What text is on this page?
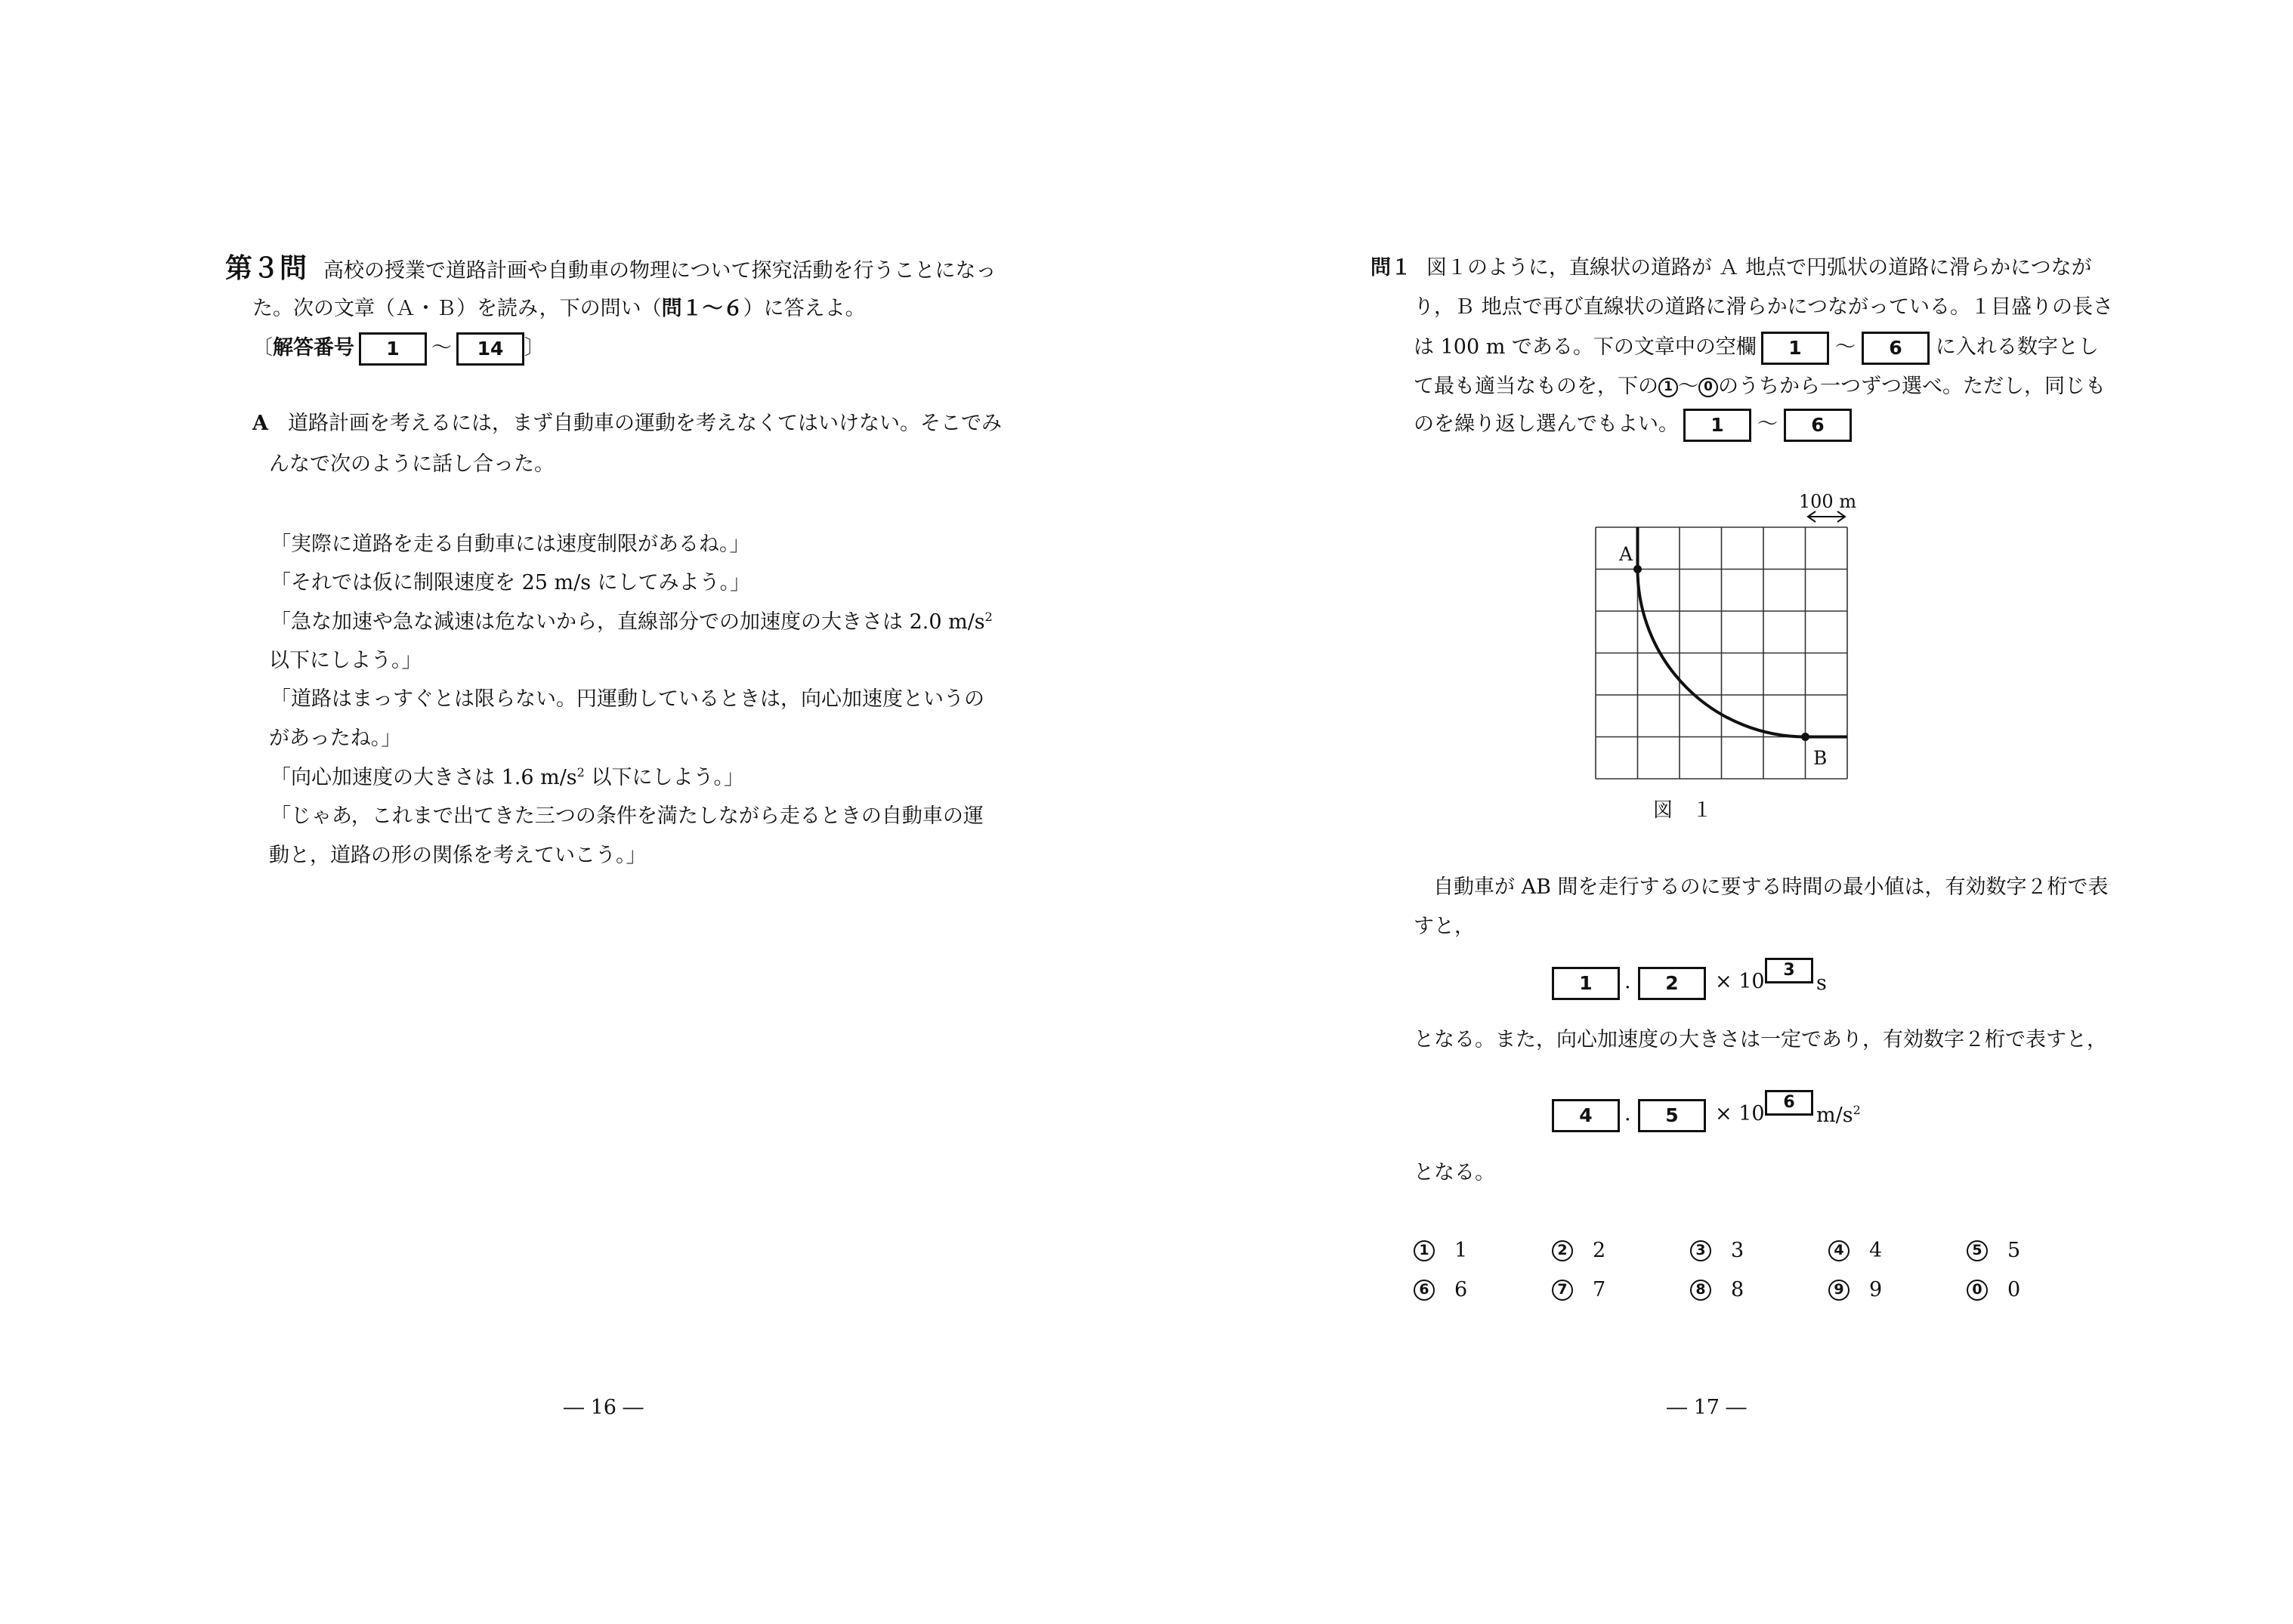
第３問 高校の授業で道路計画や自動車の物理について探究活動を行うことになっ
た。次の文章（Ａ・Ｂ）を読み，下の問い（問１～６）に答えよ。
〔解答番号 1 ～ 14 〕
A 道路計画を考えるには，まず自動車の運動を考えなくてはいけない。そこでみ
んなで次のように話し合った。
「実際に道路を走る自動車には速度制限があるね。」
「それでは仮に制限速度を 25 m/s にしてみよう。」
「急な加速や急な減速は危ないから，直線部分での加速度の大きさは 2.0 $m/s^2$
以下にしよう。」
「道路はまっすぐとは限らない。円運動しているときは，向心加速度というの
があったね。」
「向心加速度の大きさは 1.6 $m/s^2$ 以下にしよう。」
「じゃあ，これまで出てきた三つの条件を満たしながら走るときの自動車の運
動と，道路の形の関係を考えていこう。」
― 16 ―
問１ 図１のように，直線状の道路が Ａ 地点で円弧状の道路に滑らかにつなが
り，Ｂ 地点で再び直線状の道路に滑らかにつながっている。１目盛りの長さ
は 100 m である。下の文章中の空欄 1 ～ 6 に入れる数字とし
て最も適当なものを，下の 1 ～ 0 のうちから一つずつ選べ。ただし，同じも
のを繰り返し選んでもよい。 1 ～ 6
100 m
A
B
図　１
自動車が AB 間を走行するのに要する時間の最小値は，有効数字２桁で表
すと，
1	.	2	× 10	3
s
となる。また，向心加速度の大きさは一定であり，有効数字２桁で表すと，
4	.	5	× 10	6
$m/s^2$
となる。
1 1	2 2	3 3	4 4	5 5
6 6	7 7	8 8	9 9	0 0
― 17 ―
